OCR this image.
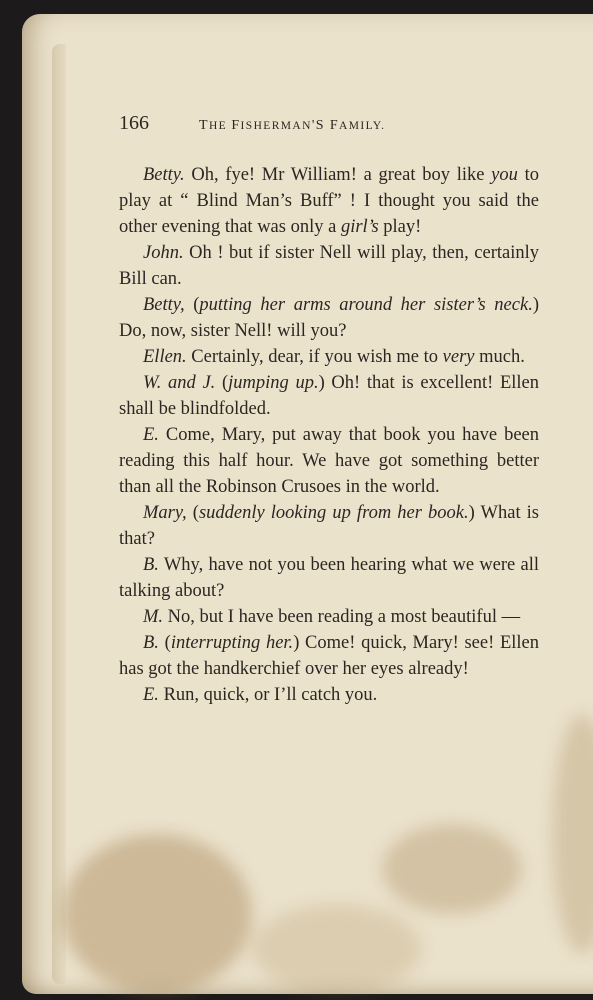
166	THE FISHERMAN'S FAMILY.

Betty. Oh, fye! Mr William! a great boy like you to play at “ Blind Man’s Buff” ! I thought you said the other evening that was only a girl’s play!

John. Oh ! but if sister Nell will play, then, certainly Bill can.

Betty, (putting her arms around her sister’s neck.) Do, now, sister Nell! will you?

Ellen. Certainly, dear, if you wish me to very much.

W. and J. (jumping up.) Oh! that is excellent! Ellen shall be blindfolded.

E. Come, Mary, put away that book you have been reading this half hour. We have got something better than all the Robinson Crusoes in the world.

Mary, (suddenly looking up from her book.) What is that?

B. Why, have not you been hearing what we were all talking about?

M. No, but I have been reading a most beautiful —

B. (interrupting her.) Come! quick, Mary! see! Ellen has got the handkerchief over her eyes already!

E. Run, quick, or I’ll catch you.
